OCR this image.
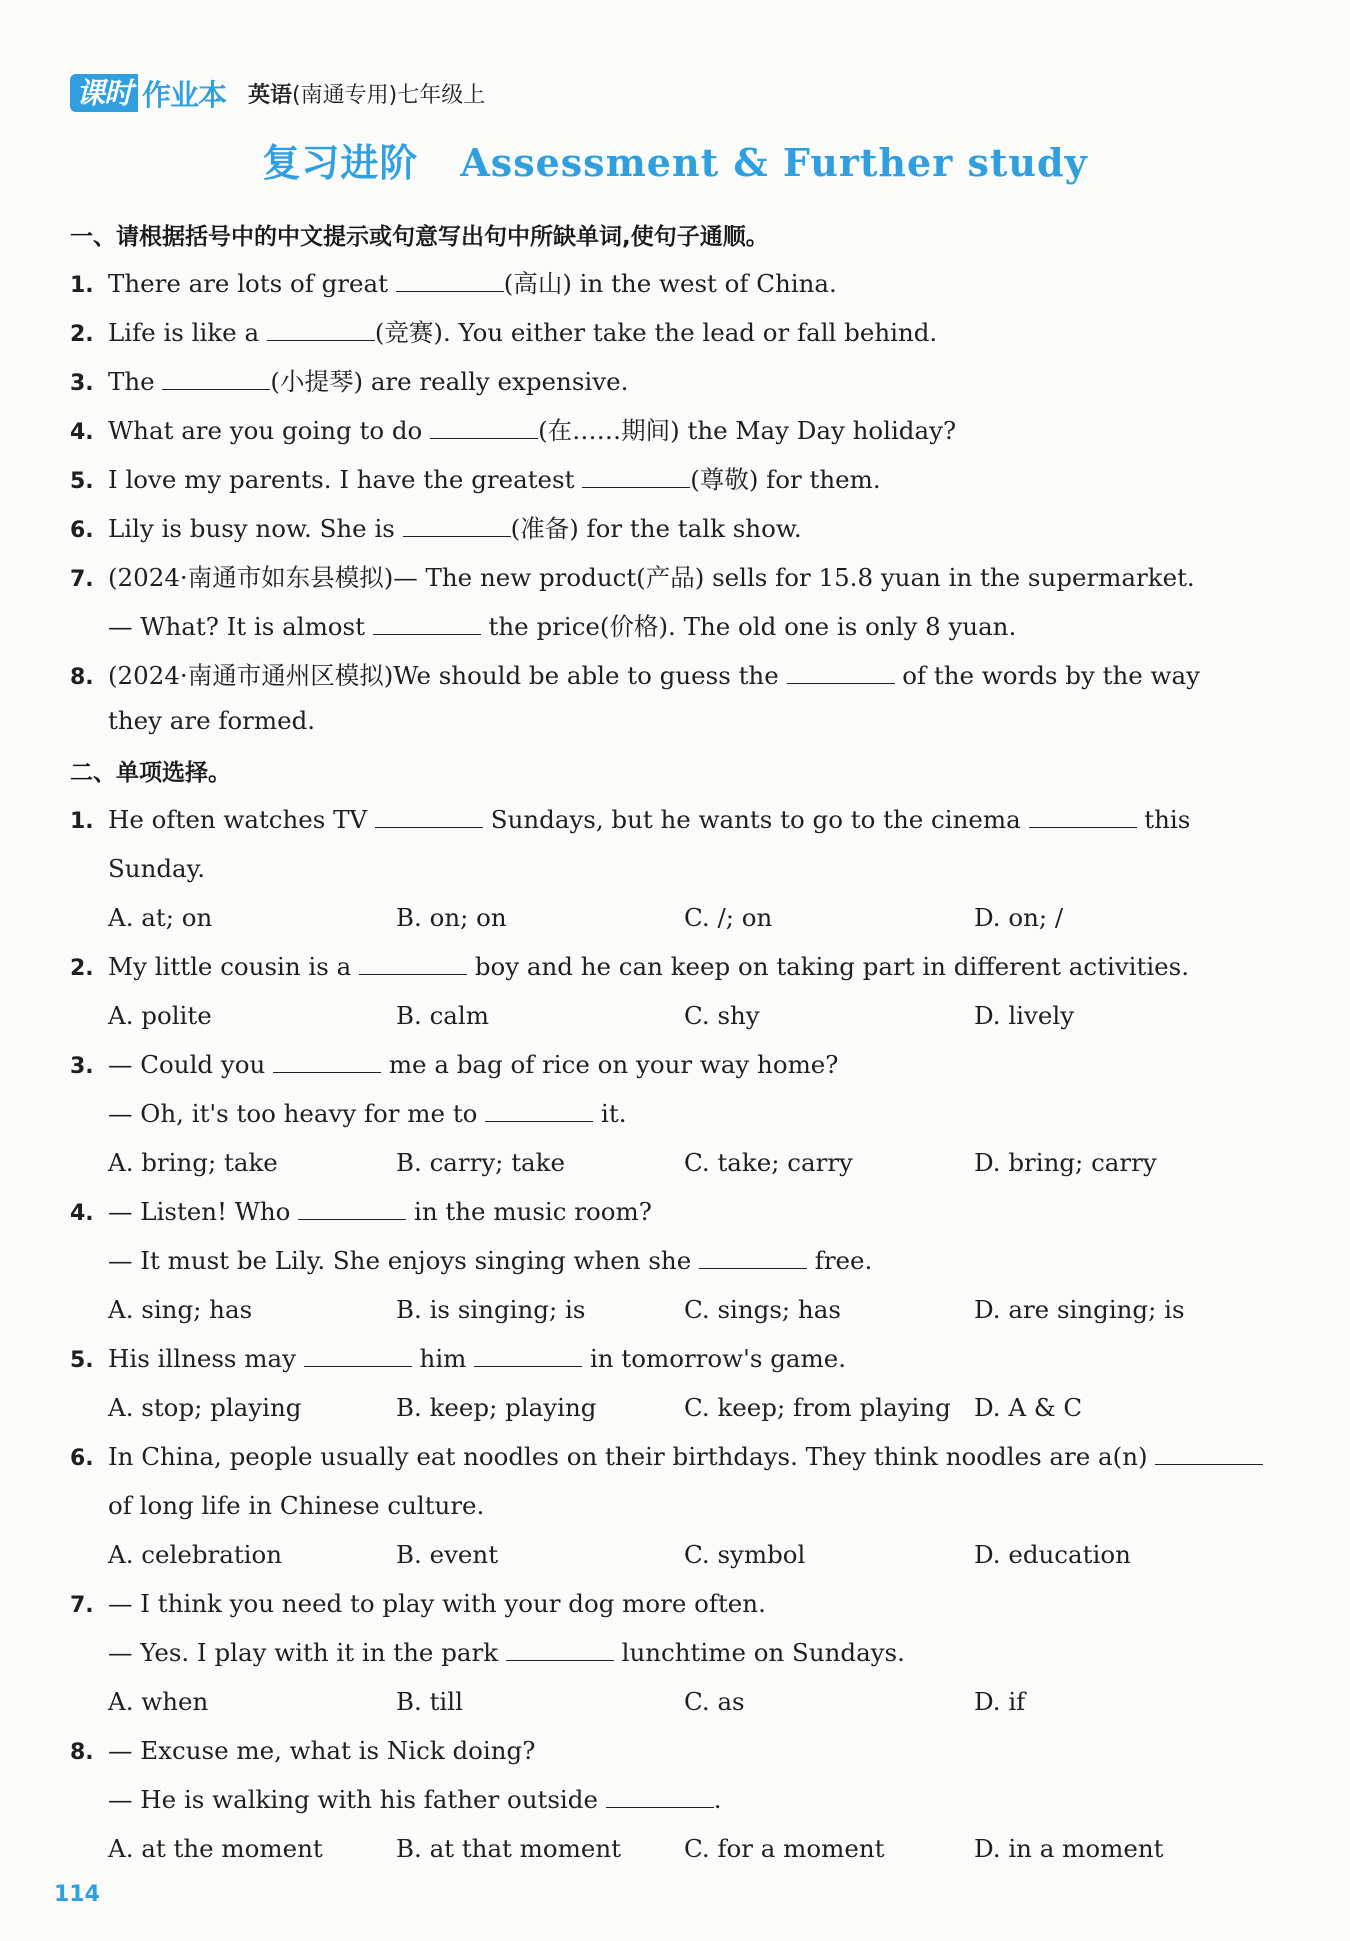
课时 作业本 英语(南通专用)七年级上
复习进阶 Assessment & Further study
一、请根据括号中的中文提示或句意写出句中所缺单词,使句子通顺。
1. There are lots of great	(高山) in the west of China.
2. Life is like a	(竞赛). You either take the lead or fall behind.
3. The	(小提琴) are really expensive.
4. What are you going to do	(在……期间) the May Day holiday?
5. I love my parents. I have the greatest	(尊敬) for them.
6. Lily is busy now. She is	(准备) for the talk show.
7. (2024·南通市如东县模拟)— The new product(产品) sells for 15.8 yuan in the supermarket.
— What? It is almost	the price(价格). The old one is only 8 yuan.
8. (2024·南通市通州区模拟)We should be able to guess the	of the words by the way
they are formed.
二、单项选择。
1. He often watches TV	Sundays, but he wants to go to the cinema	this
Sunday.
A. at; on	B. on; on	C. /; on	D. on; /
2. My little cousin is a	boy and he can keep on taking part in different activities.
A. polite	B. calm	C. shy	D. lively
3. — Could you	me a bag of rice on your way home?
— Oh, it's too heavy for me to	it.
A. bring; take	B. carry; take	C. take; carry	D. bring; carry
4. — Listen! Who	in the music room?
— It must be Lily. She enjoys singing when she	free.
A. sing; has	B. is singing; is	C. sings; has	D. are singing; is
5. His illness may	him	in tomorrow's game.
A. stop; playing	B. keep; playing	C. keep; from playing D. A & C
6. In China, people usually eat noodles on their birthdays. They think noodles are a(n)
of long life in Chinese culture.
A. celebration	B. event	C. symbol	D. education
7. — I think you need to play with your dog more often.
— Yes. I play with it in the park	lunchtime on Sundays.
A. when	B. till	C. as	D. if
8. — Excuse me, what is Nick doing?
— He is walking with his father outside	.
A. at the moment	B. at that moment	C. for a moment	D. in a moment
114
